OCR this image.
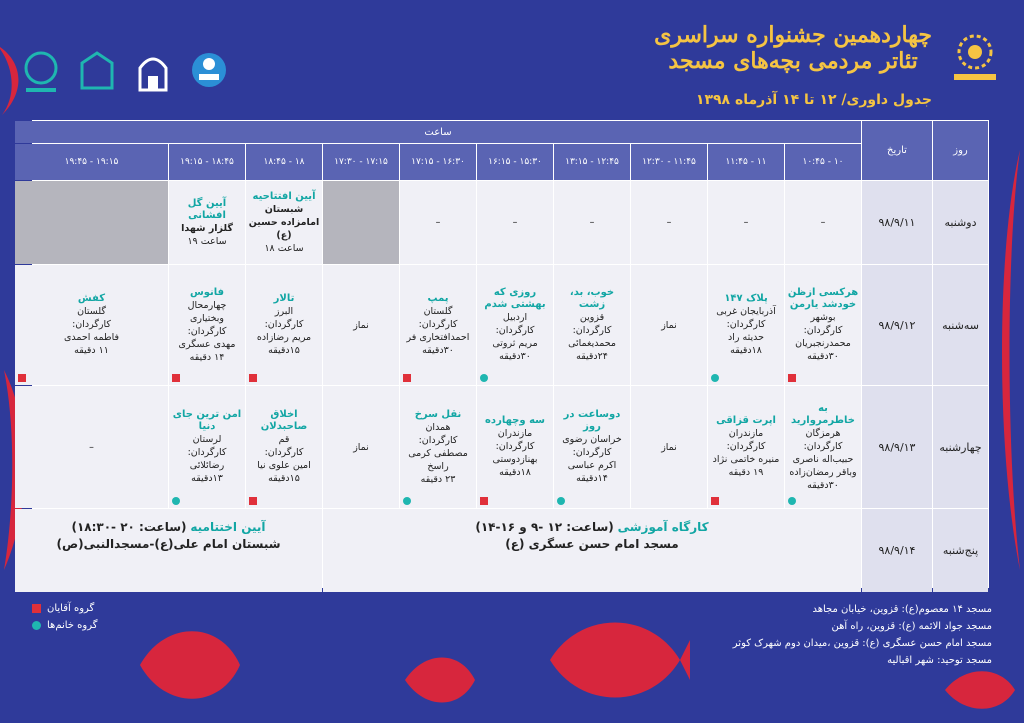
چهاردهمین جشنواره سراسری
تئاتر مردمی بچه‌های مسجد
جدول داوری/ ۱۲ تا ۱۴ آذرماه ۱۳۹۸
روز
تاریخ
ساعت
۱۰ - ۱۰:۴۵
۱۱ - ۱۱:۴۵
۱۱:۴۵ - ۱۲:۳۰
۱۲:۴۵ - ۱۳:۱۵
۱۵:۳۰ - ۱۶:۱۵
۱۶:۳۰ - ۱۷:۱۵
۱۷:۱۵ - ۱۷:۳۰
۱۸ - ۱۸:۴۵
۱۸:۴۵ - ۱۹:۱۵
۱۹:۱۵ - ۱۹:۴۵
دوشنبه
۹۸/۹/۱۱
–
–
–
–
–
–
آیین افتتاحیه
شبستان
امامزاده حسین (ع)
ساعت ۱۸
آیین گل افشانی
گلزار شهدا
ساعت ۱۹
سه‌شنبه
۹۸/۹/۱۲
هرکسی ازظن خودشد یارمن
بوشهر
کارگردان:
محمدرنجبریان
۳۰دقیقه
پلاک ۱۴۷
آذربایجان غربی
کارگردان:
حدیثه راد
۱۸دقیقه
نماز
خوب، بد، زشت
قزوین
کارگردان:
محمدیغمائی
۲۴دقیقه
روزی که بهشتی شدم
اردبیل
کارگردان:
مریم ثروتی
۳۰دقیقه
پمپ
گلستان
کارگردان:
احمدافتخاری فر
۳۰دقیقه
نماز
تالار
البرز
کارگردان:
مریم رضازاده
۱۵دقیقه
فانوس
چهارمحال
وبختیاری
کارگردان:
مهدی عسگری
۱۴ دقیقه
کفش
گلستان
کارگردان:
فاطمه احمدی
۱۱ دقیقه
چهارشنبه
۹۸/۹/۱۳
به خاطرمروارید
هرمزگان
کارگردان:
حبیب‌اله ناصری
وباقر رمضان‌زاده
۳۰دقیقه
اپرت قزاقی
مازندران
کارگردان:
منیره خاتمی نژاد
۱۹ دقیقه
نماز
دوساعت در روز
خراسان رضوی
کارگردان:
اکرم عباسی
۱۴دقیقه
سه وچهارده
مازندران
کارگردان:
بهنازدوستی
۱۸دقیقه
نقل سرخ
همدان
کارگردان:
مصطفی کرمی
راسخ
۲۳ دقیقه
نماز
اخلاق صاحبدلان
قم
کارگردان:
امین علوی نیا
۱۵دقیقه
امن ترین جای دنیا
لرستان
کارگردان:
رضائلائی
۱۳دقیقه
–
پنج‌شنبه
۹۸/۹/۱۴
کارگاه آموزشی (ساعت: ۱۲ -۹ و ۱۶-۱۴)
مسجد امام حسن عسگری (ع)
آیین اختتامیه (ساعت: ۲۰ -۱۸:۳۰)
شبستان امام علی(ع)-مسجدالنبی(ص)
گروه آقایان
گروه خانم‌ها
مسجد ۱۴ معصوم(ع): قزوین، خیابان مجاهد
مسجد جواد الائمه (ع): قزوین، راه آهن
مسجد امام حسن عسگری (ع): قزوین ،میدان دوم شهرک کوثر
مسجد توحید: شهر اقبالیه
